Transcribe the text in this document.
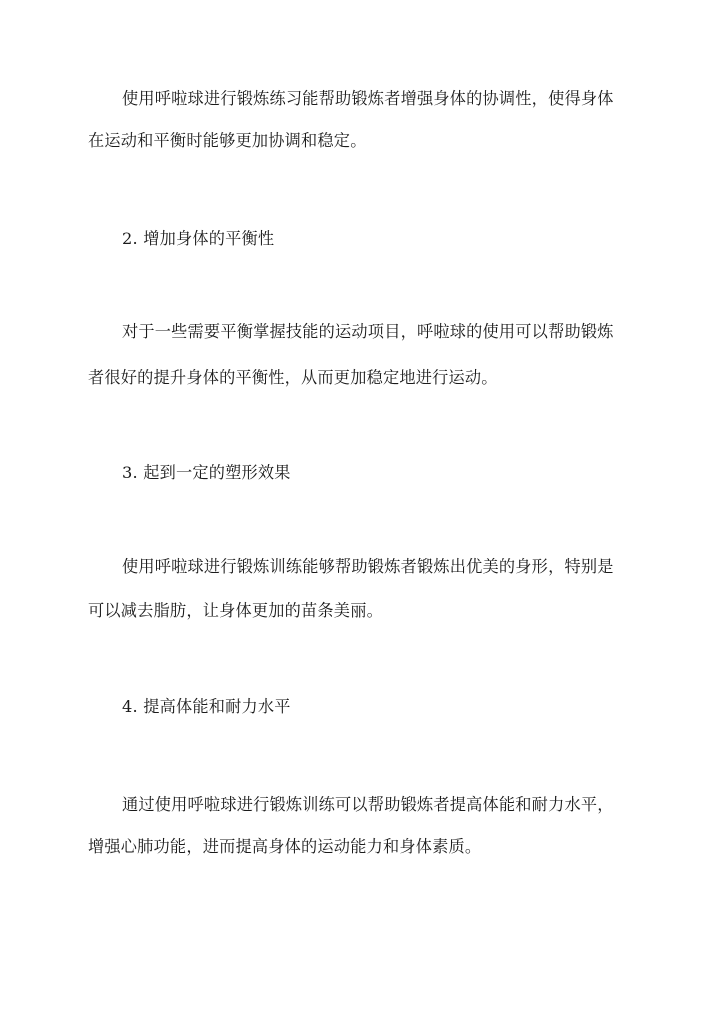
使用呼啦球进行锻炼练习能帮助锻炼者增强身体的协调性，使得身体
在运动和平衡时能够更加协调和稳定。
2. 增加身体的平衡性
对于一些需要平衡掌握技能的运动项目，呼啦球的使用可以帮助锻炼
者很好的提升身体的平衡性，从而更加稳定地进行运动。
3. 起到一定的塑形效果
使用呼啦球进行锻炼训练能够帮助锻炼者锻炼出优美的身形，特别是
可以减去脂肪，让身体更加的苗条美丽。
4. 提高体能和耐力水平
通过使用呼啦球进行锻炼训练可以帮助锻炼者提高体能和耐力水平，
增强心肺功能，进而提高身体的运动能力和身体素质。
